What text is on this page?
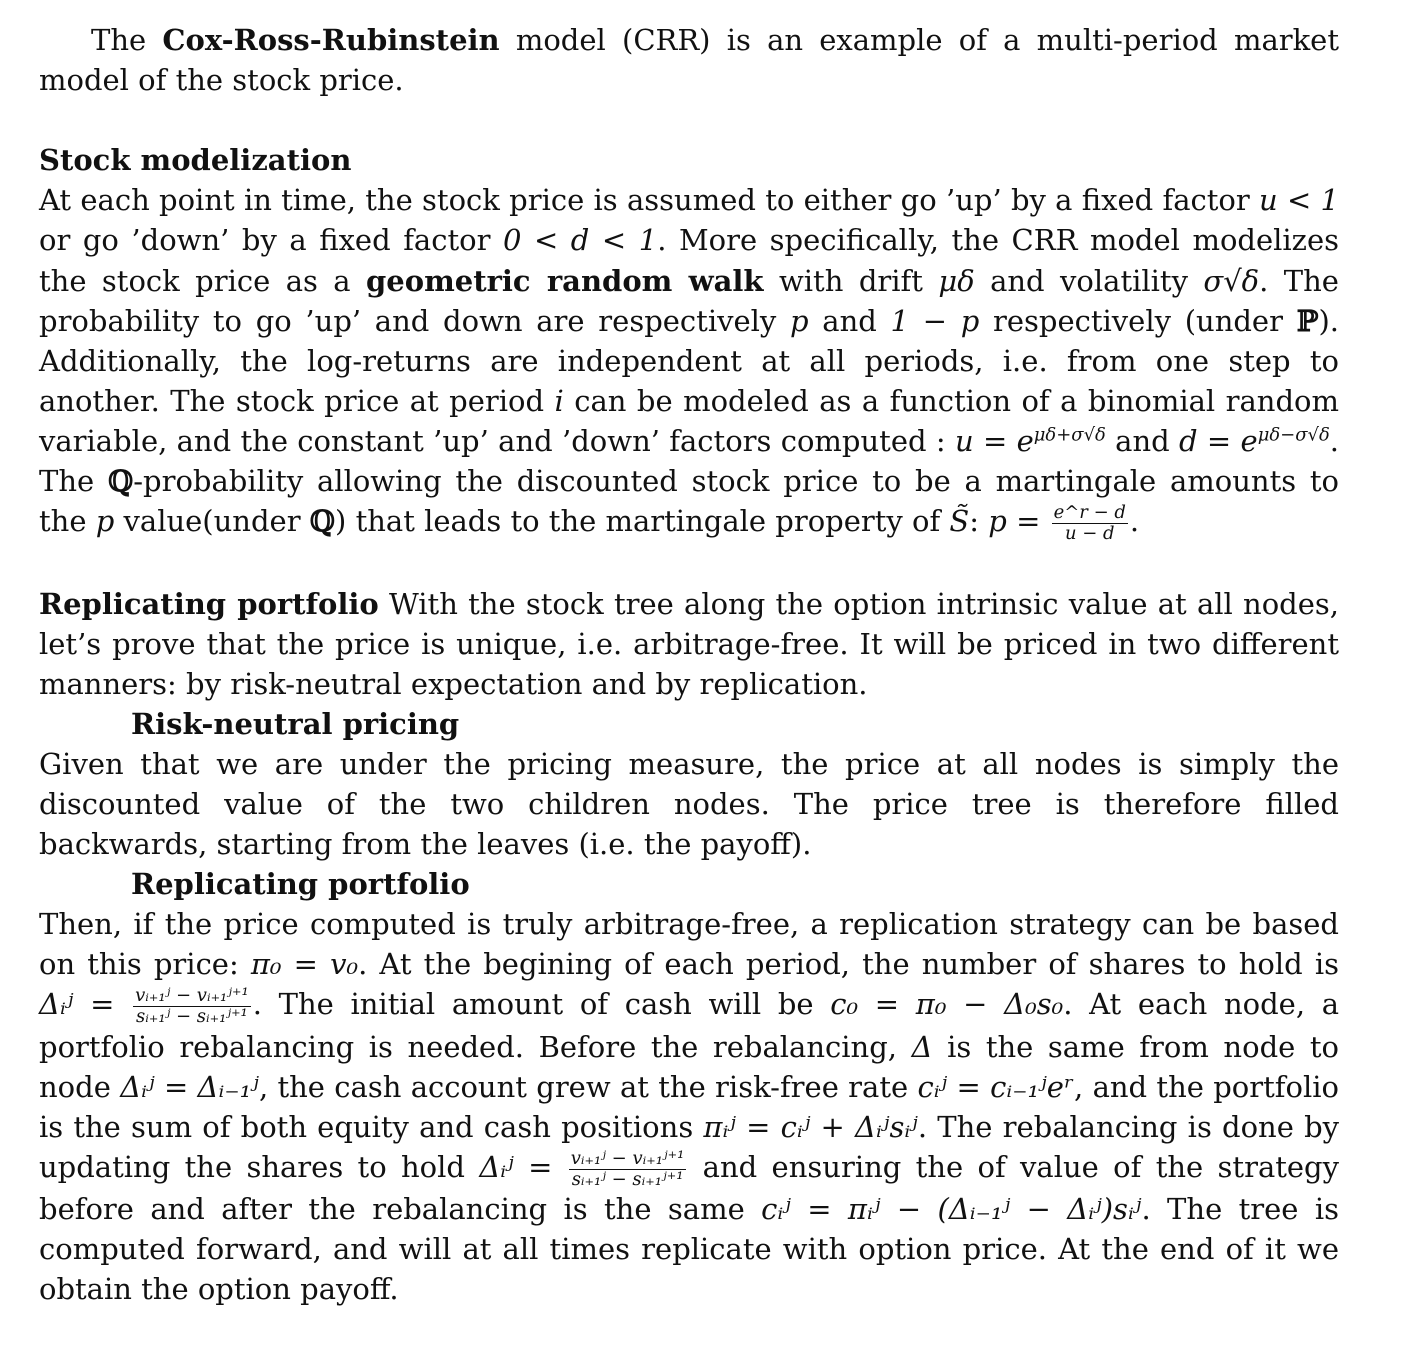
The Cox-Ross-Rubinstein model (CRR) is an example of a multi-period market model of the stock price.

Stock modelization

At each point in time, the stock price is assumed to either go ’up’ by a fixed factor u < 1 or go ’down’ by a fixed factor 0 < d < 1. More specifically, the CRR model modelizes the stock price as a geometric random walk with drift μδ and volatility σ√δ. The probability to go ’up’ and down are respectively p and 1 − p respectively (under ℙ). Additionally, the log-returns are independent at all periods, i.e. from one step to another. The stock price at period i can be modeled as a function of a binomial random variable, and the constant ’up’ and ’down’ factors computed : $u = e^{\mu\delta+\sigma√\delta}$ and $d = e^{\mu\delta-\sigma√\delta}$. The ℚ-probability allowing the discounted stock price to be a martingale amounts to the p value(under ℚ) that leads to the martingale property of S̃: $p = \frac{e\^{}r - d}{u - d}$ .

Replicating portfolio With the stock tree along the option intrinsic value at all nodes, let’s prove that the price is unique, i.e. arbitrage-free. It will be priced in two different manners: by risk-neutral expectation and by replication.

Risk-neutral pricing

Given that we are under the pricing measure, the price at all nodes is simply the discounted value of the two children nodes. The price tree is therefore filled backwards, starting from the leaves (i.e. the payoff).

Replicating portfolio

Then, if the price computed is truly arbitrage-free, a replication strategy can be based on this price: π₀ = v₀. At the begining of each period, the number of shares to hold is Δᵢʲ = $\frac{\text{vᵢ₊₁ʲ − vᵢ₊₁ʲ⁺¹}}{\text{sᵢ₊₁ʲ − sᵢ₊₁ʲ⁺¹}}$ . The initial amount of cash will be c₀ = π₀ − Δ₀s₀. At each node, a portfolio rebalancing is needed. Before the rebalancing, Δ is the same from node to node Δᵢʲ = Δᵢ₋₁ʲ, the cash account grew at the risk-free rate cᵢʲ = cᵢ₋₁ʲeʳ, and the portfolio is the sum of both equity and cash positions πᵢʲ = cᵢʲ + Δᵢʲsᵢʲ. The rebalancing is done by updating the shares to hold Δᵢʲ = $\frac{\text{vᵢ₊₁ʲ − vᵢ₊₁ʲ⁺¹}}{\text{sᵢ₊₁ʲ − sᵢ₊₁ʲ⁺¹}}$ and ensuring the of value of the strategy before and after the rebalancing is the same cᵢʲ = πᵢʲ − (Δᵢ₋₁ʲ − Δᵢʲ)sᵢʲ. The tree is computed forward, and will at all times replicate with option price. At the end of it we obtain the option payoff.
